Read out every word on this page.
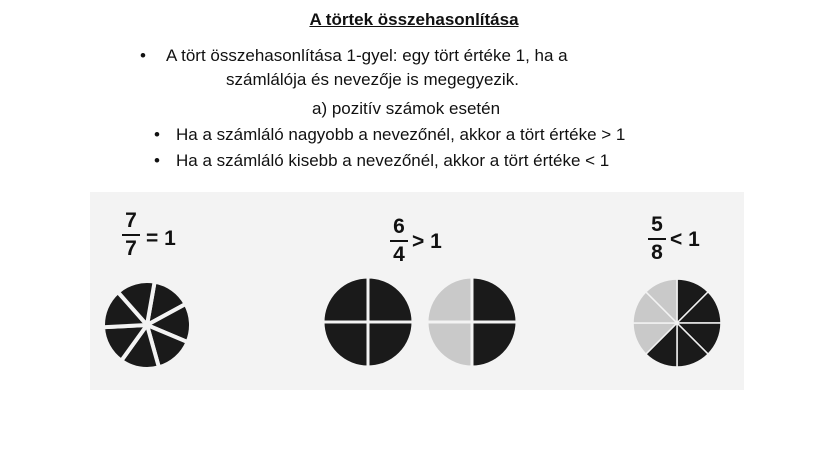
A törtek összehasonlítása
• A tört összehasonlítása 1-gyel: egy tört értéke 1, ha a
számlálója és nevezője is megegyezik.
a) pozitív számok esetén
• Ha a számláló nagyobb a nevezőnél, akkor a tört értéke > 1
• Ha a számláló kisebb a nevezőnél, akkor a tört értéke < 1
7
7 = 1
6
4
> 1
5
8
< 1
